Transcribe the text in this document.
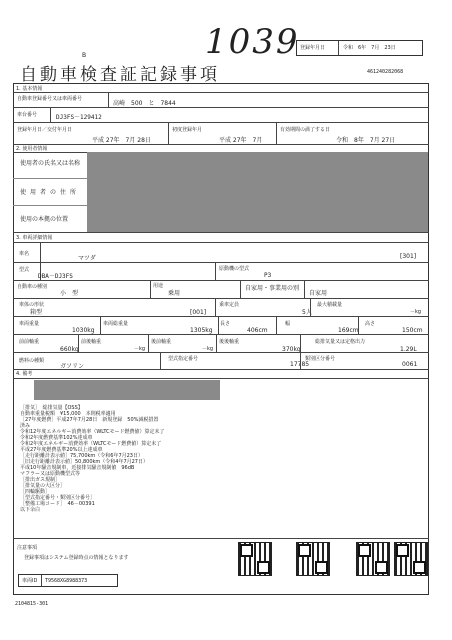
1039
B
登録年月日	令和　6年　7月　23日
自動車検査証記録事項	461240282068
1. 基本情報
自動車登録番号又は車両番号
高崎　500　と　7844
車台番号	DJ3FS－129412
登録年月日／交付年月日
平成 27年　7月 28日
初度登録年月
平成 27年　7月
有効期間の満了する日
令和　8年　7月 27日
2. 使用者情報
使用者の氏名又は名称
使用者の住所
使用の本拠の位置
3. 車両詳細情報
車名
マツダ	[301]
型式
DBA－DJ3FS
原動機の型式
P3
自動車の種別
小　型
用途
乗用
自家用・事業用の別
自家用
車体の形状
箱型	[001]
乗車定員
5人
最大積載量
－kg
車両重量
1030kg
車両総重量
1305kg
長さ
406cm
幅
169cm
高さ
150cm
前前軸重
660kg
前後軸重
－kg
後前軸重
－kg
後後軸重
370kg
総排気量又は定格出力
1.29L
燃料の種類
ガソリン
型式指定番号
17785
類別区分番号
0061
4. 備考
［排気］　総排気量【OSS】
自動車重量税額　¥15,000　本則税率適用
［27年度燃費］平成27年7月28日　新規登録　50%減税措置
済み
令和12年度エネルギー消費効率（WLTCモード燃費値）算定未了
令和2年度燃費基準102%達成車
令和2年度エネルギー消費効率（WLTCモード燃費値）算定未了
平成27年度燃費基準20%以上達成車
［走行距離計表示値］75,700km（令和6年7月23日）
［旧走行距離計表示値］50,800km（令和4年7月27日）
平成10年騒音規制車，近接排気騒音規制値　96dB
マフラー又は原動機型式等
［排出ガス規制］
［排気量の大区分］
［四輪駆動］
［型式指定番号・類別区分番号］
［整備工場コード］　46－00391
以下余白
注意事項
登録事項はシステム登録時点の情報となります
車両ID T9568XG8988373
2104815-301
